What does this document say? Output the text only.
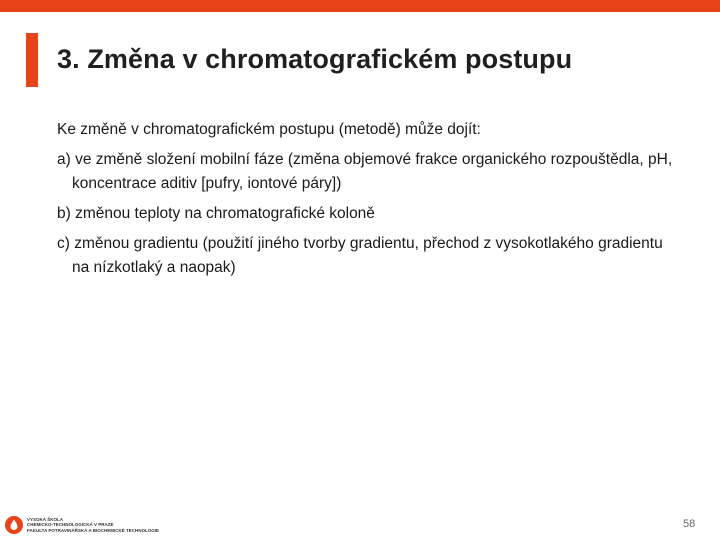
3. Změna v chromatografickém postupu

Ke změně v chromatografickém postupu (metodě) může dojít:

a) ve změně složení mobilní fáze (změna objemové frakce organického rozpouštědla, pH, koncentrace aditiv [pufry, iontové páry])

b) změnou teploty na chromatografické koloně

c) změnou gradientu (použití jiného tvorby gradientu, přechod z vysokotlakého gradientu na nízkotlaký a naopak)

VYSOKÁ ŠKOLA
CHEMICKO-TECHNOLOGICKÁ V PRAZE
FAKULTA POTRAVINÁŘSKÁ A BIOCHEMICKÉ TECHNOLOGIE
58
